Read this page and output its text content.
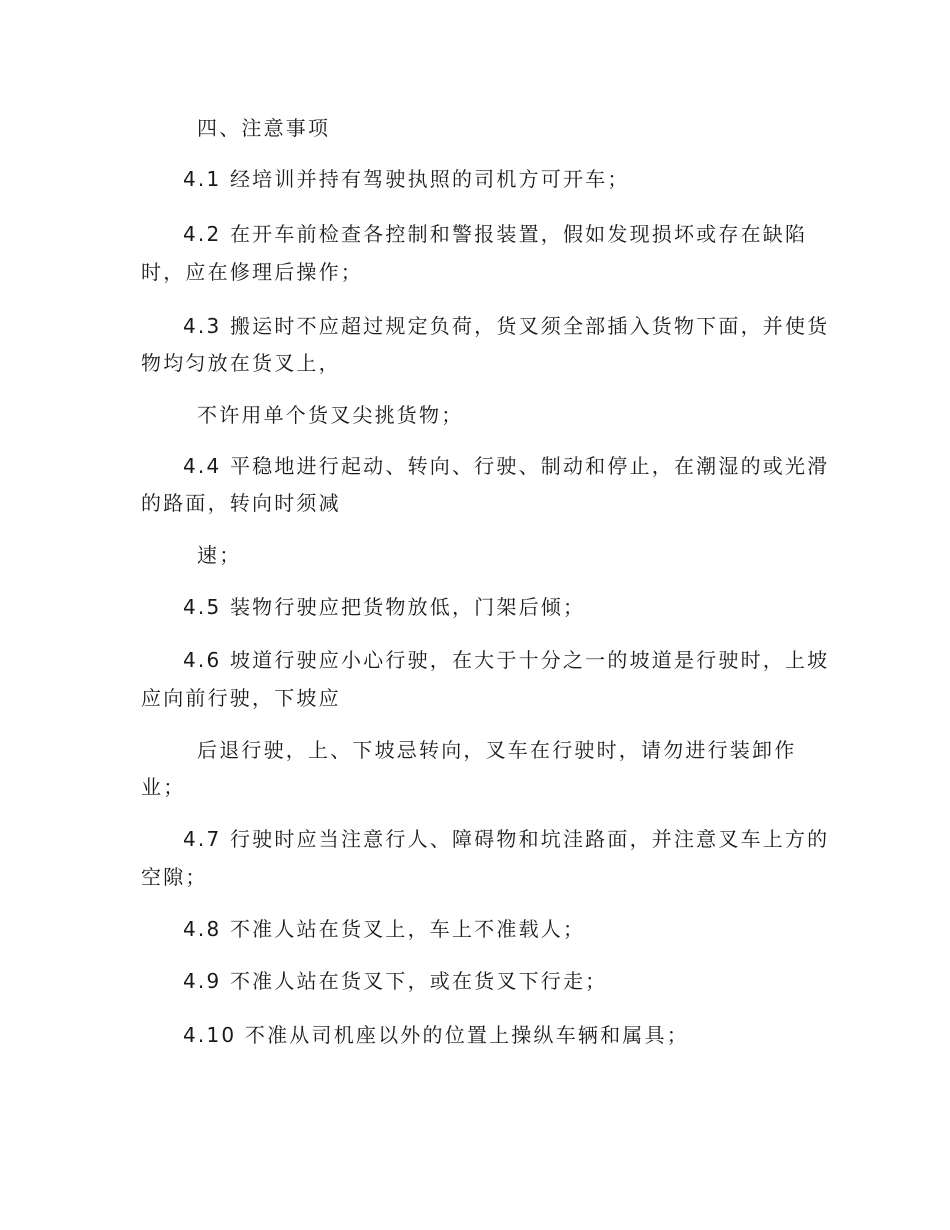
四、注意事项
4.1 经培训并持有驾驶执照的司机方可开车；
4.2 在开车前检查各控制和警报装置，假如发现损坏或存在缺陷
时，应在修理后操作；
4.3 搬运时不应超过规定负荷，货叉须全部插入货物下面，并使货
物均匀放在货叉上，
不许用单个货叉尖挑货物；
4.4 平稳地进行起动、转向、行驶、制动和停止，在潮湿的或光滑
的路面，转向时须减
速；
4.5 装物行驶应把货物放低，门架后倾；
4.6 坡道行驶应小心行驶，在大于十分之一的坡道是行驶时，上坡
应向前行驶，下坡应
后退行驶，上、下坡忌转向，叉车在行驶时，请勿进行装卸作
业；
4.7 行驶时应当注意行人、障碍物和坑洼路面，并注意叉车上方的
空隙；
4.8 不准人站在货叉上，车上不准载人；
4.9 不准人站在货叉下，或在货叉下行走；
4.10 不准从司机座以外的位置上操纵车辆和属具；
